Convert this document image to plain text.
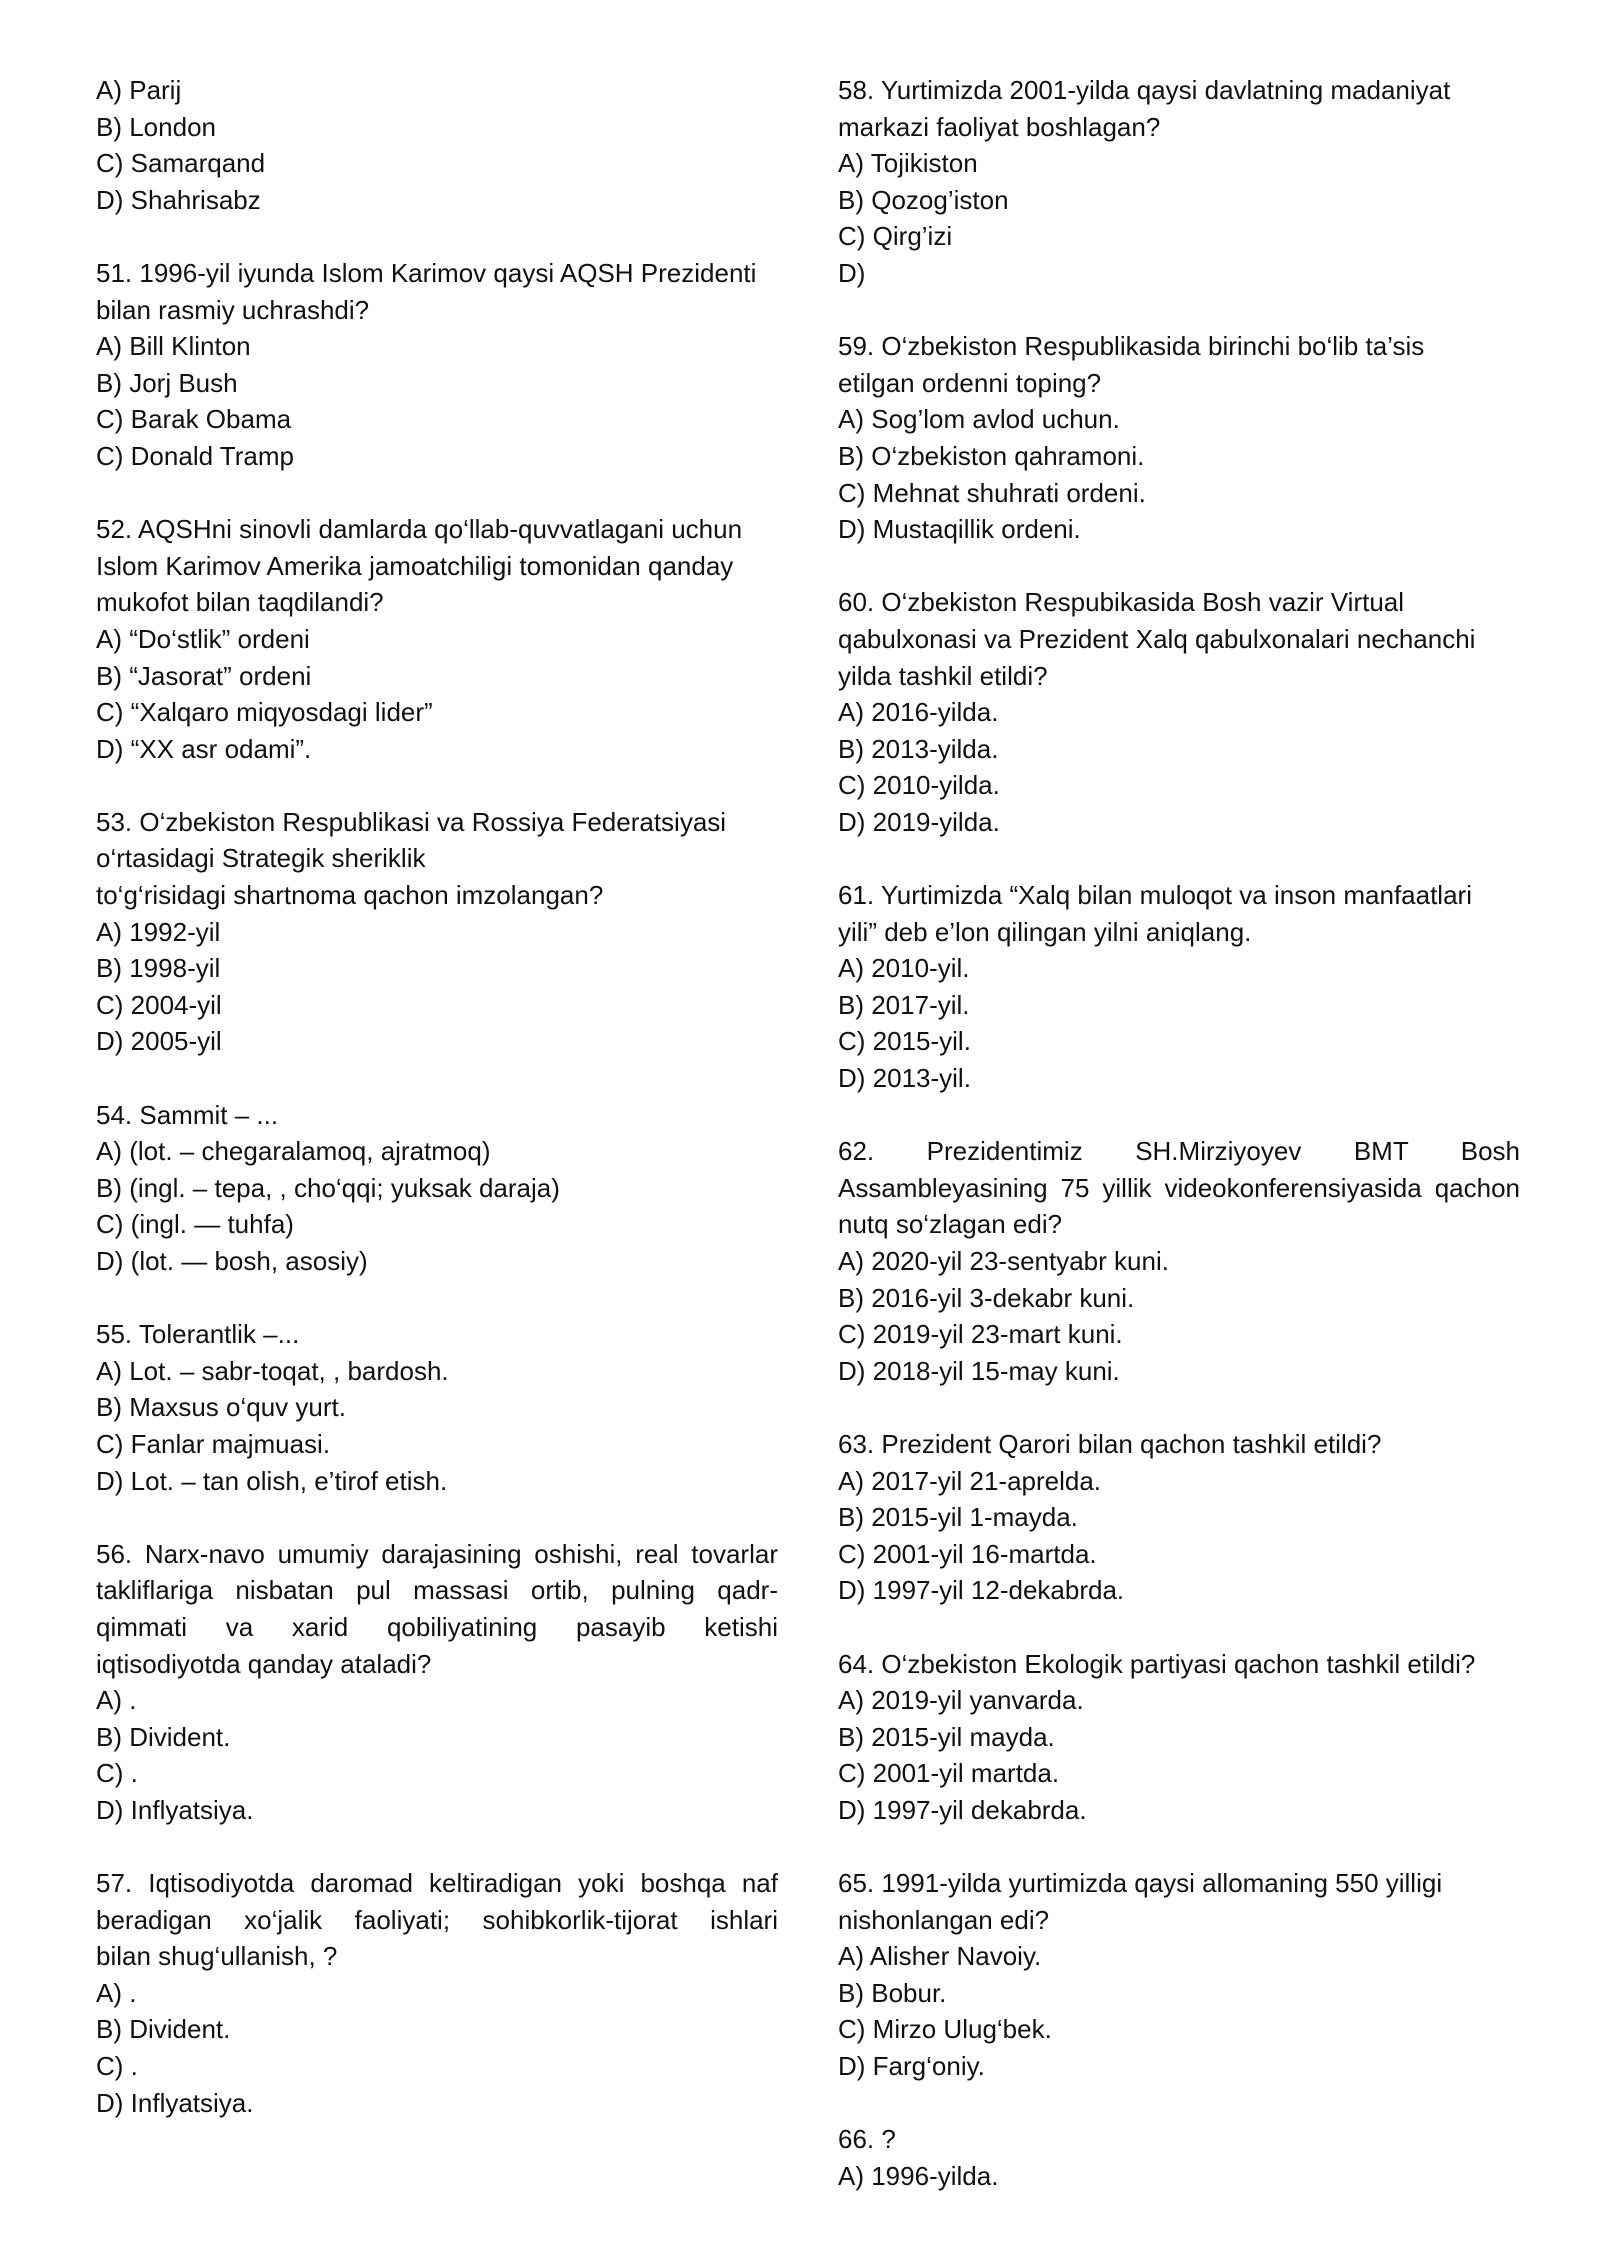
A) Parij

B) London

C) Samarqand

D) Shahrisabz

51. 1996-yil iyunda Islom Karimov qaysi AQSH Prezidenti
bilan rasmiy uchrashdi?

A) Bill Klinton

B) Jorj Bush

C) Barak Obama

C) Donald Tramp

52. AQSHni sinovli damlarda qo‘llab-quvvatlagani uchun
Islom Karimov Amerika jamoatchiligi tomonidan qanday
mukofot bilan taqdilandi?

A) “Do‘stlik” ordeni

B) “Jasorat” ordeni

C) “Xalqaro miqyosdagi lider”

D) “XX asr odami”.

53. O‘zbekiston Respublikasi va Rossiya Federatsiyasi
o‘rtasidagi Strategik sheriklik
to‘g‘risidagi shartnoma qachon imzolangan?

A) 1992-yil

B) 1998-yil

C) 2004-yil

D) 2005-yil

54. Sammit – ...

A) (lot. – chegaralamoq, ajratmoq)

B) (ingl. – tepa, , cho‘qqi; yuksak daraja)

C) (ingl. — tuhfa)

D) (lot. — bosh, asosiy)

55. Tolerantlik –...

A) Lot. – sabr-toqat, , bardosh.

B) Maxsus o‘quv yurt.

C) Fanlar majmuasi.

D) Lot. – tan olish, e’tirof etish.

56. Narx-navo umumiy darajasining oshishi, real tovarlar
takliflariga nisbatan pul massasi ortib, pulning qadr-
qimmati va xarid qobiliyatining pasayib ketishi
iqtisodiyotda qanday ataladi?

A) .

B) Divident.

C) .

D) Inflyatsiya.

57. Iqtisodiyotda daromad keltiradigan yoki boshqa naf
beradigan xo‘jalik faoliyati; sohibkorlik-tijorat ishlari
bilan shug‘ullanish, ?

A) .

B) Divident.

C) .

D) Inflyatsiya.

58. Yurtimizda 2001-yilda qaysi davlatning madaniyat
markazi faoliyat boshlagan?

A) Tojikiston

B) Qozog’iston

C) Qirg’izi

D)

59. O‘zbekiston Respublikasida birinchi bo‘lib ta’sis
etilgan ordenni toping?

A) Sog’lom avlod uchun.

B) O‘zbekiston qahramoni.

C) Mehnat shuhrati ordeni.

D) Mustaqillik ordeni.

60. O‘zbekiston Respubikasida Bosh vazir Virtual
qabulxonasi va Prezident Xalq qabulxonalari nechanchi
yilda tashkil etildi?

A) 2016-yilda.

B) 2013-yilda.

C) 2010-yilda.

D) 2019-yilda.

61. Yurtimizda “Xalq bilan muloqot va inson manfaatlari
yili” deb e’lon qilingan yilni aniqlang.

A) 2010-yil.

B) 2017-yil.

C) 2015-yil.

D) 2013-yil.

62. Prezidentimiz SH.Mirziyoyev BMT Bosh
Assambleyasining 75 yillik videokonferensiyasida qachon
nutq so‘zlagan edi?

A) 2020-yil 23-sentyabr kuni.

B) 2016-yil 3-dekabr kuni.

C) 2019-yil 23-mart kuni.

D) 2018-yil 15-may kuni.

63. Prezident Qarori bilan qachon tashkil etildi?

A) 2017-yil 21-aprelda.

B) 2015-yil 1-mayda.

C) 2001-yil 16-martda.

D) 1997-yil 12-dekabrda.

64. O‘zbekiston Ekologik partiyasi qachon tashkil etildi?

A) 2019-yil yanvarda.

B) 2015-yil mayda.

C) 2001-yil martda.

D) 1997-yil dekabrda.

65. 1991-yilda yurtimizda qaysi allomaning 550 yilligi
nishonlangan edi?

A) Alisher Navoiy.

B) Bobur.

C) Mirzo Ulug‘bek.

D) Farg‘oniy.

66. ?

A) 1996-yilda.
